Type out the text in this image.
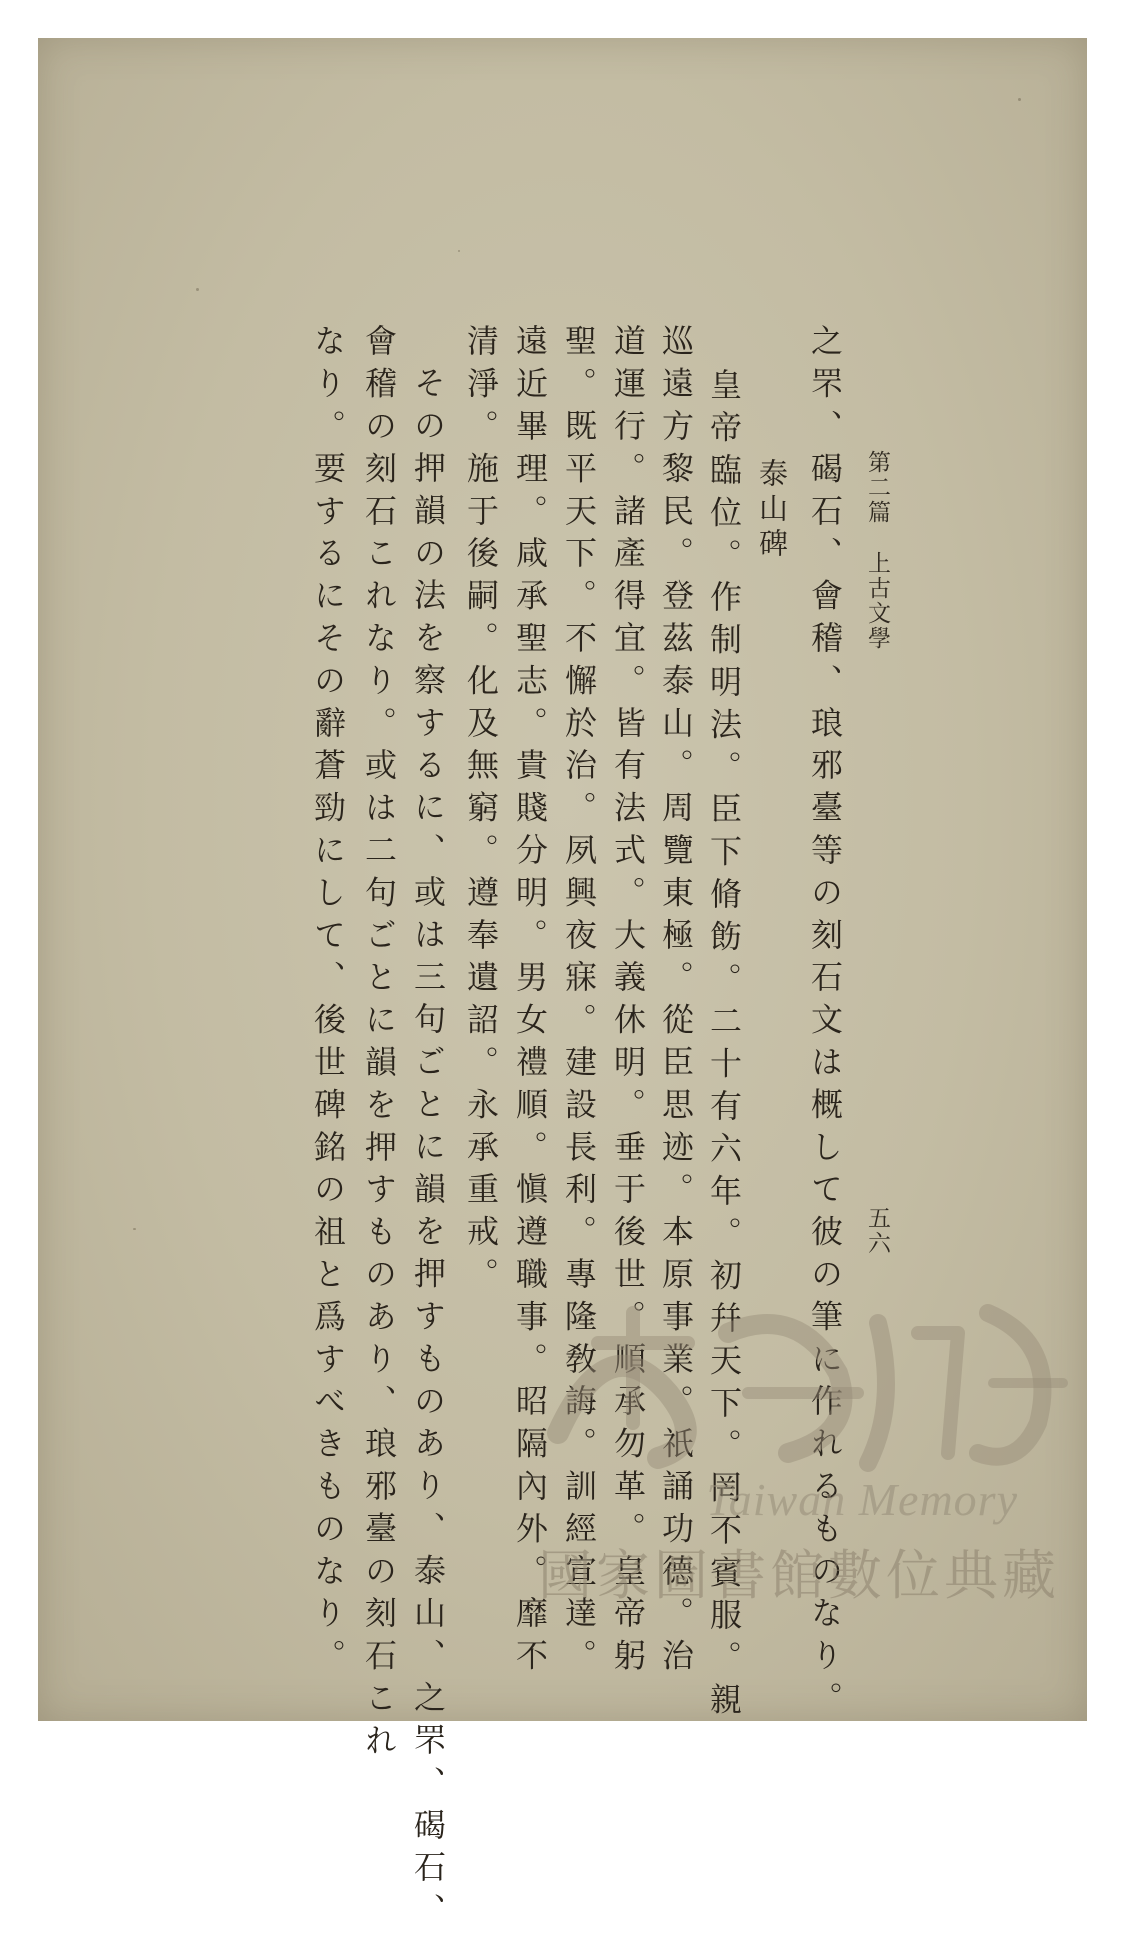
第二篇
上古文學
五六
之罘、碣石、會稽、琅邪臺等の刻石文は概して彼の筆に作れるものなり。
泰山碑
皇帝臨位。作制明法。臣下脩飭。二十有六年。初幷天下。罔不賓服。親
巡遠方黎民。登茲泰山。周覽東極。從臣思迹。本原事業。祇誦功德。治
道運行。諸產得宜。皆有法式。大義休明。垂于後世。順承勿革。皇帝躬
聖。既平天下。不懈於治。夙興夜寐。建設長利。專隆敎誨。訓經宣達。
遠近畢理。咸承聖志。貴賤分明。男女禮順。愼遵職事。昭隔內外。靡不
清淨。施于後嗣。化及無窮。遵奉遺詔。永承重戒。
その押韻の法を察するに、或は三句ごとに韻を押すものあり、泰山、之罘、碣石、
會稽の刻石これなり。或は二句ごとに韻を押すものあり、琅邪臺の刻石これ
なり。要するにその辭蒼勁にして、後世碑銘の祖と爲すべきものなり。	Taiwan Memory
國家圖書館數位典藏
